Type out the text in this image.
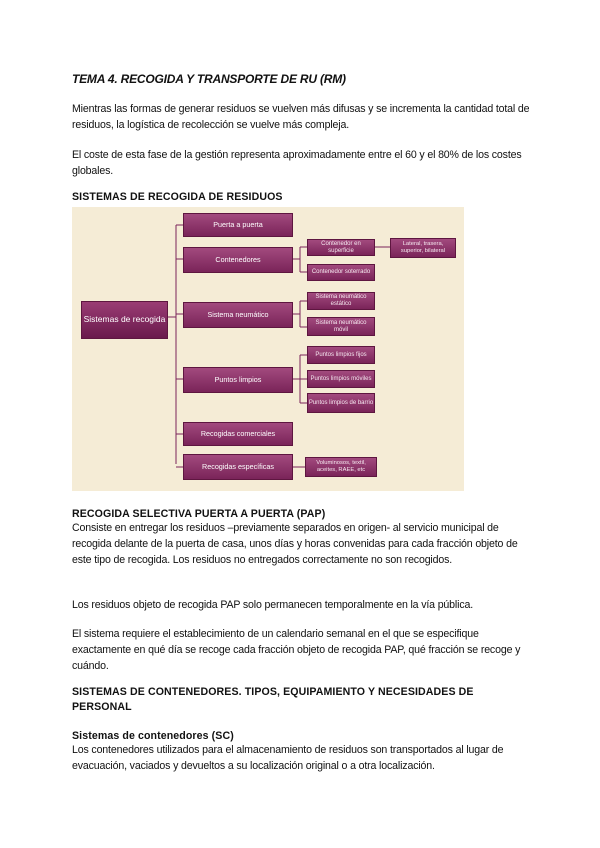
TEMA 4. RECOGIDA Y TRANSPORTE DE RU (RM)
Mientras las formas de generar residuos se vuelven más difusas y se incrementa la cantidad total de residuos, la logística de recolección se vuelve más compleja.
El coste de esta fase de la gestión representa aproximadamente entre el 60 y el 80% de los costes globales.
SISTEMAS DE RECOGIDA DE RESIDUOS
Sistemas de recogida
Puerta a puerta
Contenedores
Sistema neumático
Puntos limpios
Recogidas comerciales
Recogidas específicas
Contenedor en superficie
Contenedor soterrado
Lateral, trasera, superior, bilateral
Sistema neumático estático
Sistema neumático móvil
Puntos limpios fijos
Puntos limpios móviles
Puntos limpios de barrio
Voluminosos, textil, aceites, RAEE, etc
RECOGIDA SELECTIVA PUERTA A PUERTA (PAP)
Consiste en entregar los residuos –previamente separados en origen- al servicio municipal de recogida delante de la puerta de casa, unos días y horas convenidas para cada fracción objeto de este tipo de recogida. Los residuos no entregados correctamente no son recogidos.
Los residuos objeto de recogida PAP solo permanecen temporalmente en la vía pública.
El sistema requiere el establecimiento de un calendario semanal en el que se especifique exactamente en qué día se recoge cada fracción objeto de recogida PAP, qué fracción se recoge y cuándo.
SISTEMAS DE CONTENEDORES. TIPOS, EQUIPAMIENTO Y NECESIDADES DE PERSONAL
Sistemas de contenedores (SC)
Los contenedores utilizados para el almacenamiento de residuos son transportados al lugar de evacuación, vaciados y devueltos a su localización original o a otra localización.
